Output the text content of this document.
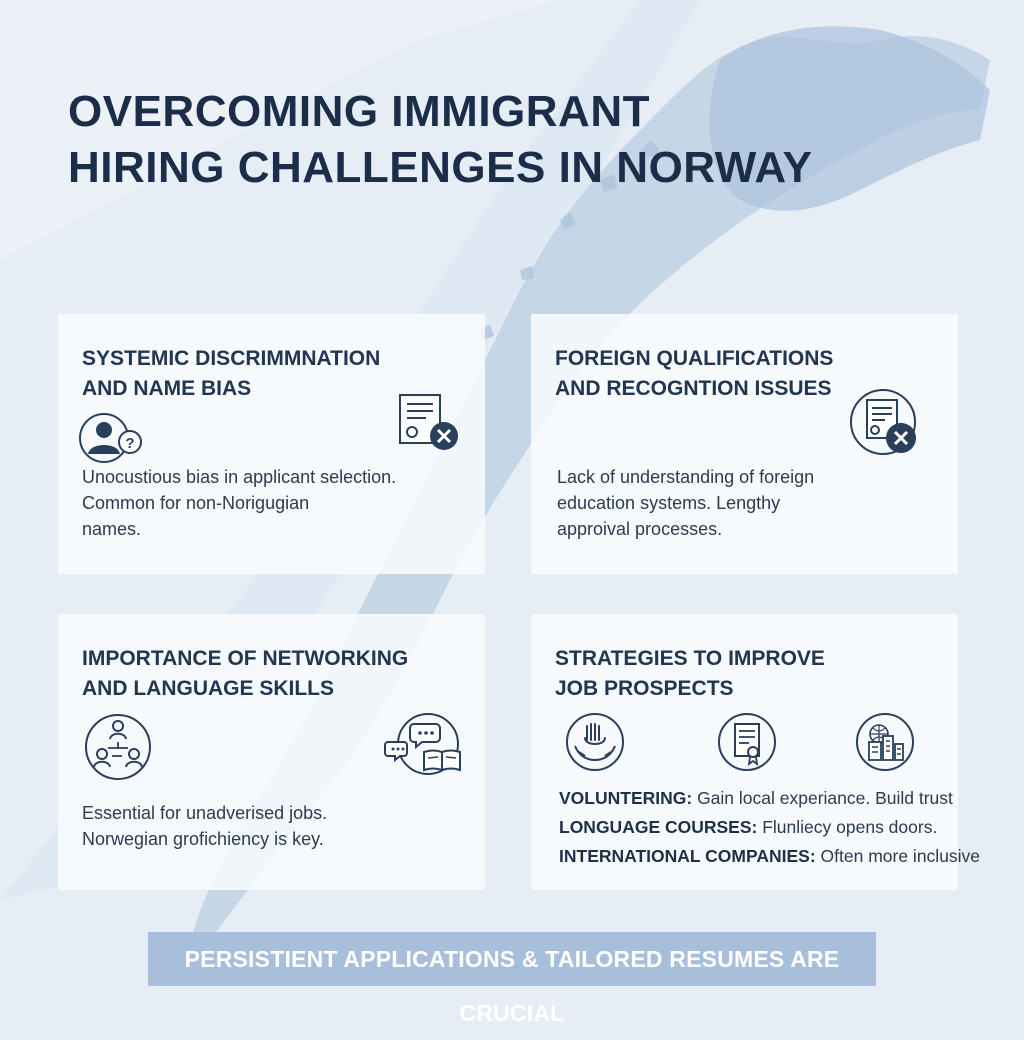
OVERCOMING IMMIGRANT
HIRING CHALLENGES IN NORWAY
SYSTEMIC DISCRIMMNATION
AND NAME BIAS
?

Unocustious bias in applicant selection.
Common for non-Norigugian
names.

FOREIGN QUALIFICATIONS
AND RECOGNTION ISSUES

Lack of understanding of foreign
education systems. Lengthy
approival processes.

IMPORTANCE OF NETWORKING
AND LANGUAGE SKILLS

Essential for unadverised jobs.
Norwegian grofichiency is key.

STRATEGIES TO IMPROVE
JOB PROSPECTS
VOLUNTERING: Gain local experiance. Build trust
LONGUAGE COURSES: Flunliecy opens doors.
INTERNATIONAL COMPANIES: Often more inclusive
PERSISTIENT APPLICATIONS & TAILORED RESUMES ARE CRUCIAL
